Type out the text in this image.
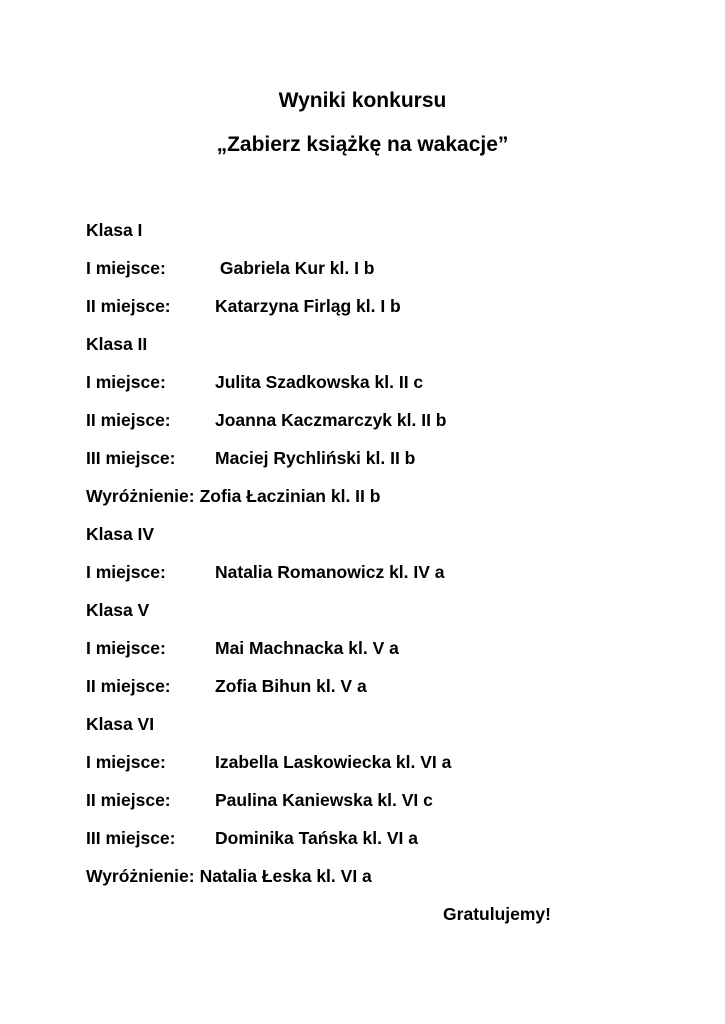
Wyniki konkursu
„Zabierz książkę na wakacje”
Klasa I
I miejsce:	Gabriela Kur kl. I b
II miejsce:	Katarzyna Firląg kl. I b
Klasa II
I miejsce:	Julita Szadkowska kl. II c
II miejsce:	Joanna Kaczmarczyk kl. II b
III miejsce:	Maciej Rychliński kl. II b
Wyróżnienie: Zofia Łaczinian kl. II b
Klasa IV
I miejsce:	Natalia Romanowicz kl. IV a
Klasa V
I miejsce:	Mai Machnacka kl. V a
II miejsce:	Zofia Bihun kl. V a
Klasa VI
I miejsce:	Izabella Laskowiecka kl. VI a
II miejsce:	Paulina Kaniewska kl. VI c
III miejsce:	Dominika Tańska kl. VI a
Wyróżnienie: Natalia Łeska kl. VI a
Gratulujemy!
